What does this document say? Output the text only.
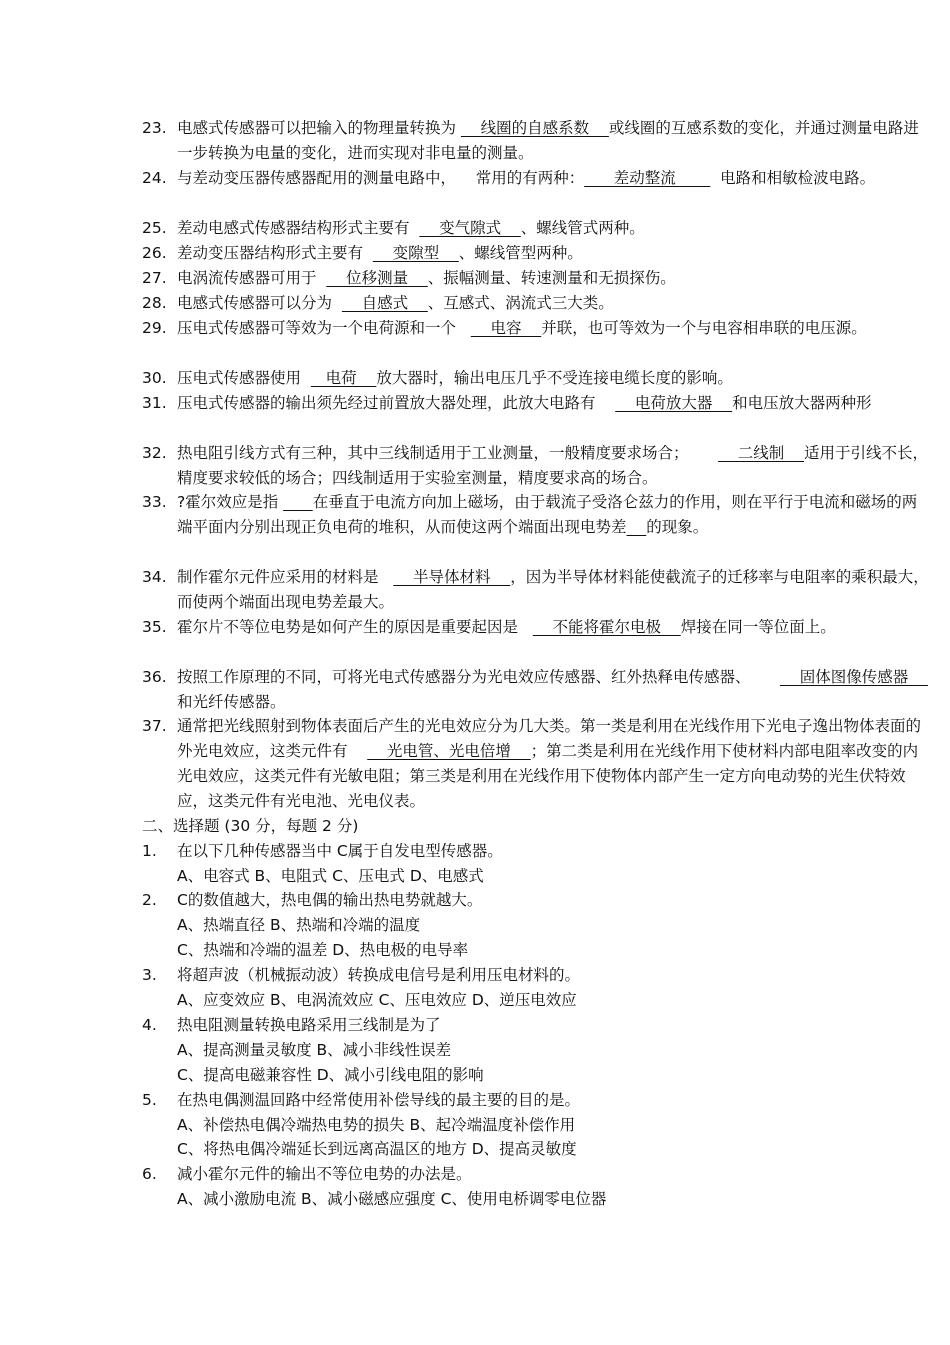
23. 电感式传感器可以把输入的物理量转换为     线圈的自感系数    或线圈的互感系数的变化，并通过测量电路进一步转换为电量的变化，进而实现对非电量的测量。
24. 与差动变压器传感器配用的测量电路中，    常用的有两种：      差动整流         电路和相敏检波电路。
25. 差动电感式传感器结构形式主要有      变气隙式    、螺线管式两种。
26. 差动变压器结构形式主要有      变隙型    、螺线管型两种。
27. 电涡流传感器可用于      位移测量    、振幅测量、转速测量和无损探伤。
28. 电感式传感器可以分为      自感式    、互感式、涡流式三大类。
29. 压电式传感器可等效为一个电荷源和一个       电容    并联，也可等效为一个与电容相串联的电压源。
30. 压电式传感器使用     电荷    放大器时，输出电压几乎不受连接电缆长度的影响。
31. 压电式传感器的输出须先经过前置放大器处理，此放大电路有        电荷放大器    和电压放大器两种形
32. 热电阻引线方式有三种，其中三线制适用于工业测量，一般精度要求场合；          二线制    适用于引线不长，精度要求较低的场合；四线制适用于实验室测量，精度要求高的场合。
33. ?霍尔效应是指       在垂直于电流方向加上磁场，由于载流子受洛仑兹力的作用，则在平行于电流和磁场的两端平面内分别出现正负电荷的堆积，从而使这两个端面出现电势差 的现象。
34. 制作霍尔元件应采用的材料是       半导体材料    ，因为半导体材料能使截流子的迁移率与电阻率的乘积最大，而使两个端面出现电势差最大。
35. 霍尔片不等位电势是如何产生的原因是重要起因是       不能将霍尔电极    焊接在同一等位面上。
36. 按照工作原理的不同，可将光电式传感器分为光电效应传感器、红外热释电传感器、          固体图像传感器    和光纤传感器。
37. 通常把光线照射到物体表面后产生的光电效应分为几大类。第一类是利用在光线作用下光电子逸出物体表面的外光电效应，这类元件有        光电管、光电倍增    ；第二类是利用在光线作用下使材料内部电阻率改变的内光电效应，这类元件有光敏电阻；第三类是利用在光线作用下使物体内部产生一定方向电动势的光生伏特效应，这类元件有光电池、光电仪表。
二、选择题 (30 分，每题 2 分)
1. 在以下几种传感器当中 C属于自发电型传感器。
A、电容式 B、电阻式 C、压电式 D、电感式
2. C的数值越大，热电偶的输出热电势就越大。
A、热端直径 B、热端和冷端的温度
C、热端和冷端的温差 D、热电极的电导率
3. 将超声波（机械振动波）转换成电信号是利用压电材料的。
A、应变效应 B、电涡流效应 C、压电效应 D、逆压电效应
4. 热电阻测量转换电路采用三线制是为了
A、提高测量灵敏度 B、减小非线性误差
C、提高电磁兼容性 D、减小引线电阻的影响
5. 在热电偶测温回路中经常使用补偿导线的最主要的目的是。
A、补偿热电偶冷端热电势的损失 B、起冷端温度补偿作用
C、将热电偶冷端延长到远离高温区的地方 D、提高灵敏度
6. 减小霍尔元件的输出不等位电势的办法是。
A、减小激励电流 B、减小磁感应强度 C、使用电桥调零电位器
